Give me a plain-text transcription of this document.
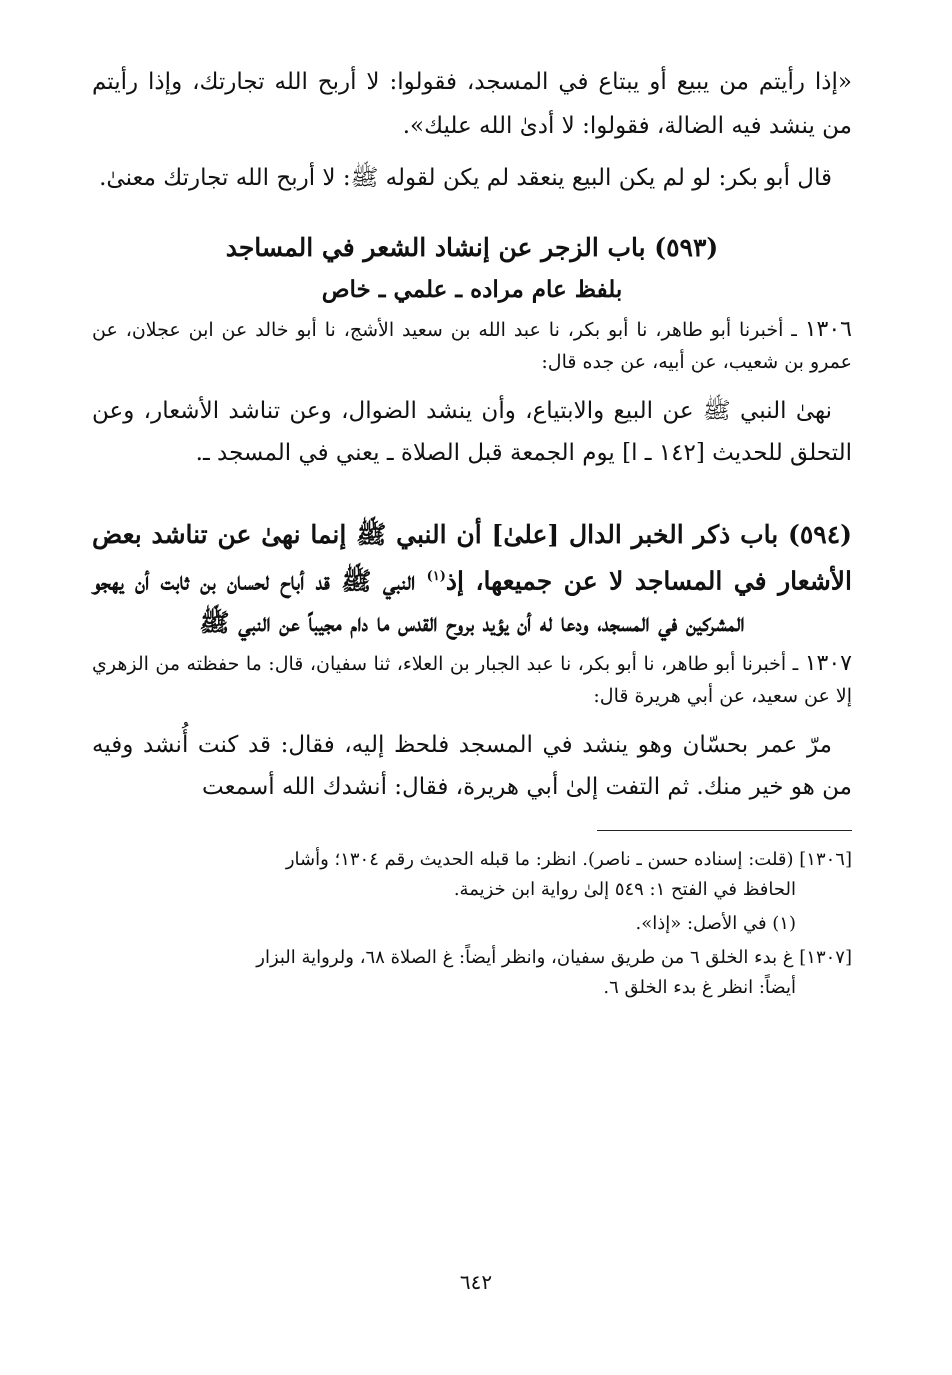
«إذا رأيتم من يبيع أو يبتاع في المسجد، فقولوا: لا أربح الله تجارتك، وإذا رأيتم من ينشد فيه الضالة، فقولوا: لا أدىٰ الله عليك».

قال أبو بكر: لو لم يكن البيع ينعقد لم يكن لقوله ﷺ: لا أربح الله تجارتك معنىٰ.

(٥٩٣) باب الزجر عن إنشاد الشعر في المساجد
بلفظ عام مراده ـ علمي ـ خاص

١٣٠٦ ـ أخبرنا أبو طاهر، نا أبو بكر، نا عبد الله بن سعيد الأشج، نا أبو خالد عن ابن عجلان، عن عمرو بن شعيب، عن أبيه، عن جده قال:

نهىٰ النبي ﷺ عن البيع والابتياع، وأن ينشد الضوال، وعن تناشد الأشعار، وعن التحلق للحديث [١٤٢ ـ ا] يوم الجمعة قبل الصلاة ـ يعني في المسجد ـ.

(٥٩٤) باب ذكر الخبر الدال [علىٰ] أن النبي ﷺ إنما نهىٰ عن تناشد بعض الأشعار في المساجد لا عن جميعها، إذ$^{(١)}$ النبي ﷺ قد أباح لحسان بن ثابت أن يهجو المشركين في المسجد، ودعا له أن يؤيد بروح القدس ما دام مجيباً عن النبي ﷺ

١٣٠٧ ـ أخبرنا أبو طاهر، نا أبو بكر، نا عبد الجبار بن العلاء، ثنا سفيان، قال: ما حفظته من الزهري إلا عن سعيد، عن أبي هريرة قال:

مرّ عمر بحسّان وهو ينشد في المسجد فلحظ إليه، فقال: قد كنت أُنشد وفيه من هو خير منك. ثم التفت إلىٰ أبي هريرة، فقال: أنشدك الله أسمعت

[١٣٠٦] (قلت: إسناده حسن ـ ناصر). انظر: ما قبله الحديث رقم ١٣٠٤؛ وأشار
الحافظ في الفتح ١: ٥٤٩ إلىٰ رواية ابن خزيمة.
(١) في الأصل: «إذا».
[١٣٠٧] غ بدء الخلق ٦ من طريق سفيان، وانظر أيضاً: غ الصلاة ٦٨، ولرواية البزار
أيضاً: انظر غ بدء الخلق ٦.
٦٤٢
